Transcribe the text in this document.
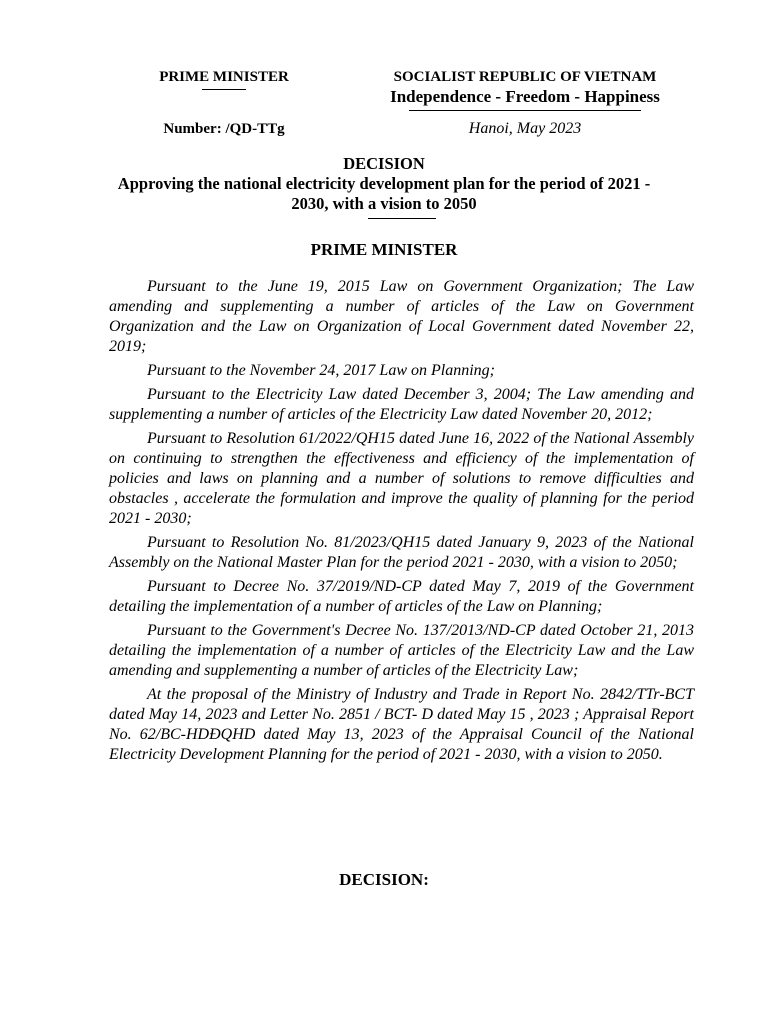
PRIME MINISTER	SOCIALIST REPUBLIC OF VIETNAM
Independence - Freedom - Happiness
Number: /QD-TTg	Hanoi, May 2023
DECISION
Approving the national electricity development plan for the period of 2021 -
2030, with a vision to 2050
PRIME MINISTER

Pursuant to the June 19, 2015 Law on Government Organization; The Law amending and supplementing a number of articles of the Law on Government Organization and the Law on Organization of Local Government dated November 22, 2019;

Pursuant to the November 24, 2017 Law on Planning;

Pursuant to the Electricity Law dated December 3, 2004; The Law amending and supplementing a number of articles of the Electricity Law dated November 20, 2012;

Pursuant to Resolution 61/2022/QH15 dated June 16, 2022 of the National Assembly on continuing to strengthen the effectiveness and efficiency of the implementation of policies and laws on planning and a number of solutions to remove difficulties and obstacles , accelerate the formulation and improve the quality of planning for the period 2021 - 2030;

Pursuant to Resolution No. 81/2023/QH15 dated January 9, 2023 of the National Assembly on the National Master Plan for the period 2021 - 2030, with a vision to 2050;

Pursuant to Decree No. 37/2019/ND-CP dated May 7, 2019 of the Government detailing the implementation of a number of articles of the Law on Planning;

Pursuant to the Government's Decree No. 137/2013/ND-CP dated October 21, 2013 detailing the implementation of a number of articles of the Electricity Law and the Law amending and supplementing a number of articles of the Electricity Law;

At the proposal of the Ministry of Industry and Trade in Report No. 2842/TTr-BCT dated May 14, 2023 and Letter No. 2851 / BCT- D dated May 15 , 2023 ; Appraisal Report No. 62/BC-HDĐQHD dated May 13, 2023 of the Appraisal Council of the National Electricity Development Planning for the period of 2021 - 2030, with a vision to 2050.

DECISION:
